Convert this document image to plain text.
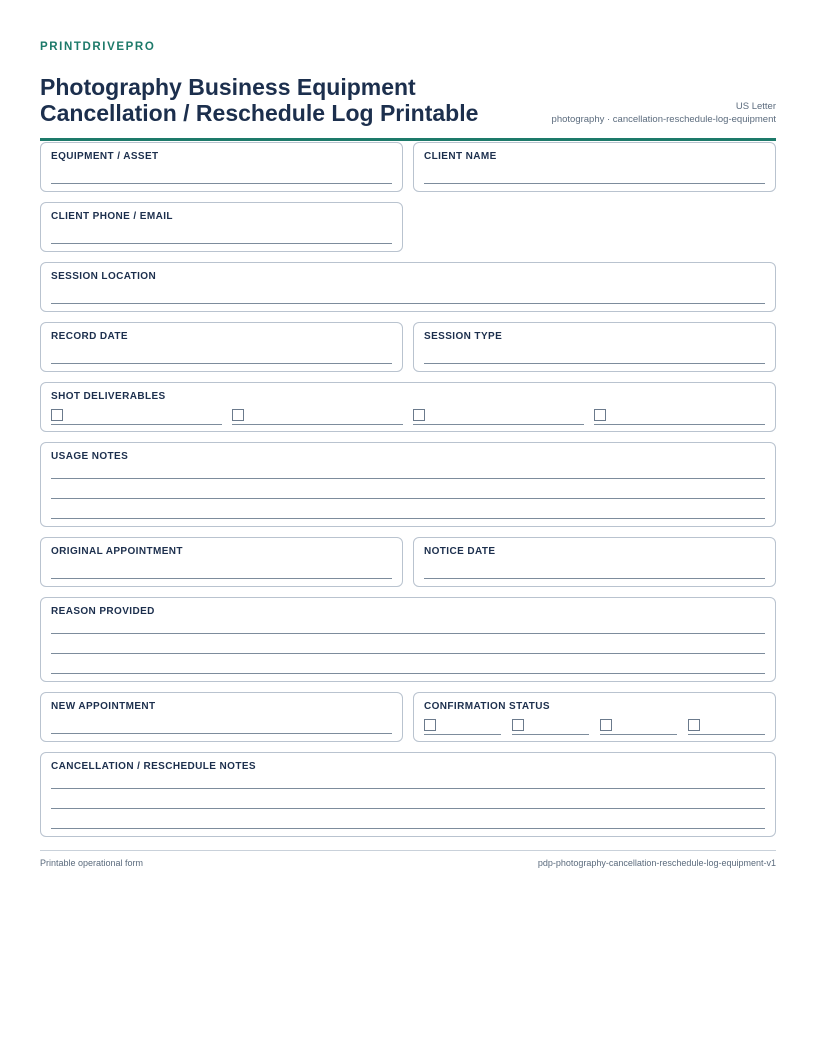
PRINTDRIVEPRO

Photography Business Equipment
Cancellation / Reschedule Log Printable	US Letter
photography · cancellation-reschedule-log-equipment
EQUIPMENT / ASSET	CLIENT NAME
CLIENT PHONE / EMAIL
SESSION LOCATION
RECORD DATE	SESSION TYPE
SHOT DELIVERABLES
USAGE NOTES
ORIGINAL APPOINTMENT	NOTICE DATE
REASON PROVIDED
NEW APPOINTMENT	CONFIRMATION STATUS
CANCELLATION / RESCHEDULE NOTES
Printable operational form	pdp-photography-cancellation-reschedule-log-equipment-v1
